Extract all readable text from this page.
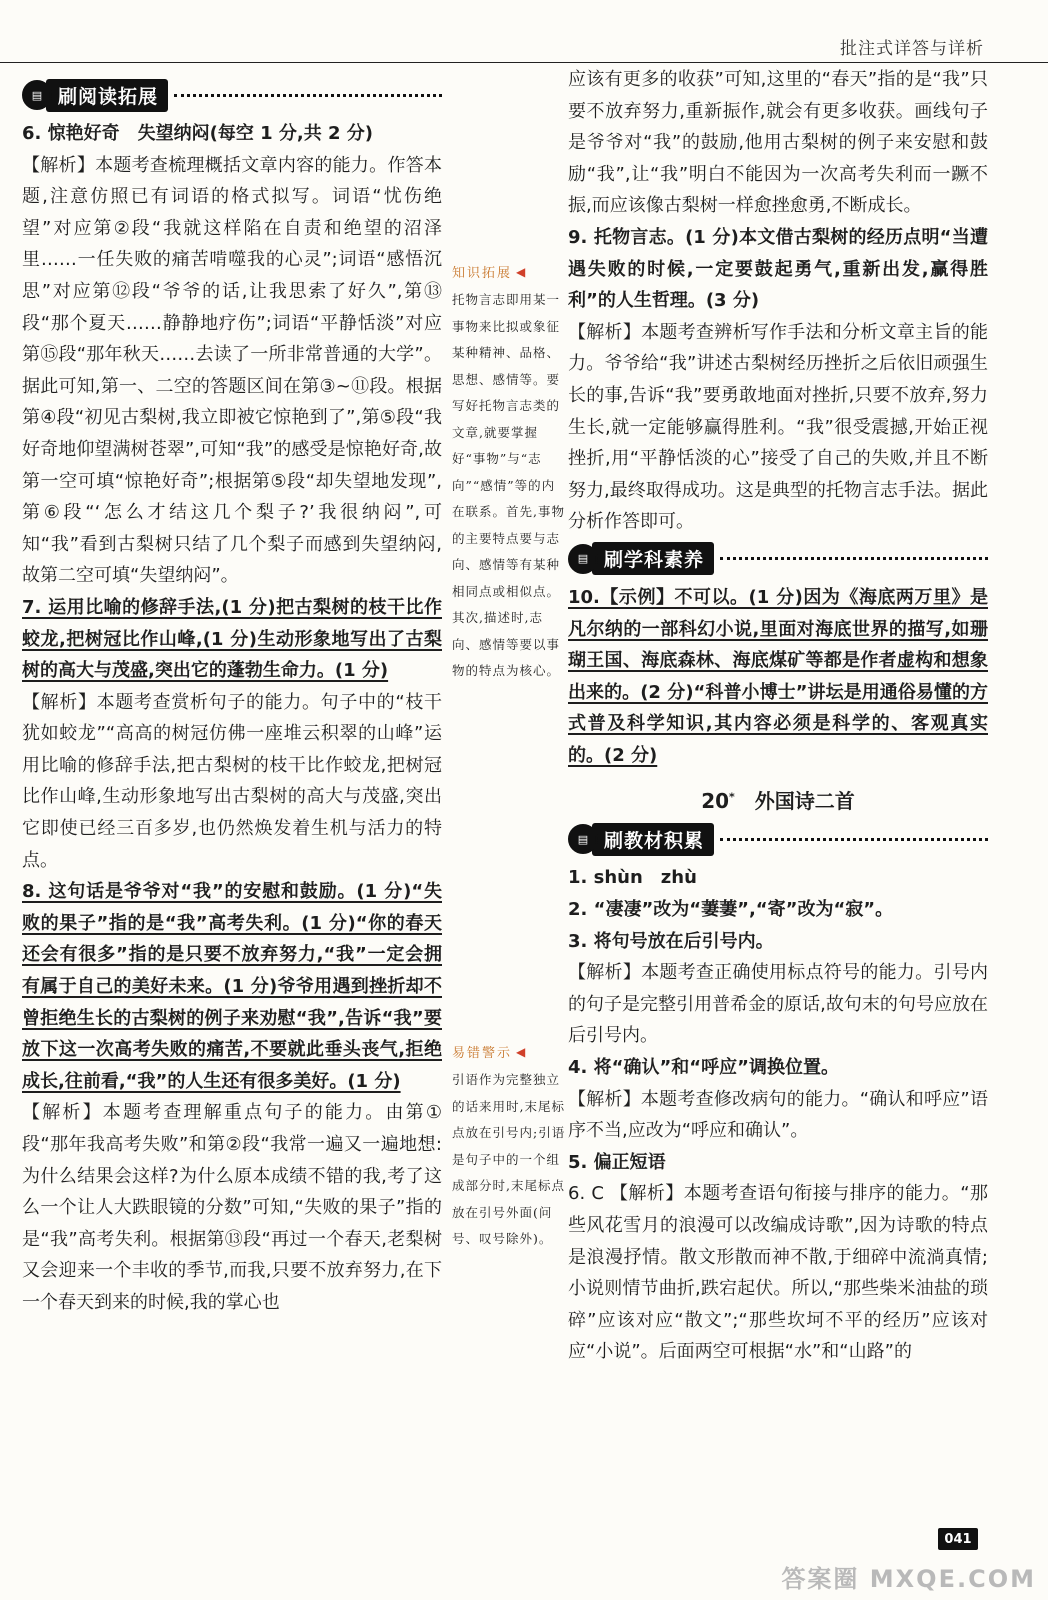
批注式详答与详析
▤ 刷阅读拓展

6. 惊艳好奇　失望纳闷(每空 1 分,共 2 分)

【解析】本题考查梳理概括文章内容的能力。作答本题,注意仿照已有词语的格式拟写。词语“忧伤绝望”对应第②段“我就这样陷在自责和绝望的沼泽里……一任失败的痛苦啃噬我的心灵”;词语“感悟沉思”对应第⑫段“爷爷的话,让我思索了好久”,第⑬段“那个夏天……静静地疗伤”;词语“平静恬淡”对应第⑮段“那年秋天……去读了一所非常普通的大学”。据此可知,第一、二空的答题区间在第③~⑪段。根据第④段“初见古梨树,我立即被它惊艳到了”,第⑤段“我好奇地仰望满树苍翠”,可知“我”的感受是惊艳好奇,故第一空可填“惊艳好奇”;根据第⑤段“却失望地发现”,第⑥段“‘怎么才结这几个梨子?’我很纳闷”,可知“我”看到古梨树只结了几个梨子而感到失望纳闷,故第二空可填“失望纳闷”。

7. 运用比喻的修辞手法,(1 分)把古梨树的枝干比作蛟龙,把树冠比作山峰,(1 分)生动形象地写出了古梨树的高大与茂盛,突出它的蓬勃生命力。(1 分)

【解析】本题考查赏析句子的能力。句子中的“枝干犹如蛟龙”“高高的树冠仿佛一座堆云积翠的山峰”运用比喻的修辞手法,把古梨树的枝干比作蛟龙,把树冠比作山峰,生动形象地写出古梨树的高大与茂盛,突出它即使已经三百多岁,也仍然焕发着生机与活力的特点。

8. 这句话是爷爷对“我”的安慰和鼓励。(1 分)“失败的果子”指的是“我”高考失利。(1 分)“你的春天还会有很多”指的是只要不放弃努力,“我”一定会拥有属于自己的美好未来。(1 分)爷爷用遇到挫折却不曾拒绝生长的古梨树的例子来劝慰“我”,告诉“我”要放下这一次高考失败的痛苦,不要就此垂头丧气,拒绝成长,往前看,“我”的人生还有很多美好。(1 分)

【解析】本题考查理解重点句子的能力。由第①段“那年我高考失败”和第②段“我常一遍又一遍地想:为什么结果会这样?为什么原本成绩不错的我,考了这么一个让人大跌眼镜的分数”可知,“失败的果子”指的是“我”高考失利。根据第⑬段“再过一个春天,老梨树又会迎来一个丰收的季节,而我,只要不放弃努力,在下一个春天到来的时候,我的掌心也

知识拓展 ◀

托物言志即用某一事物来比拟或象征某种精神、品格、思想、感情等。要写好托物言志类的文章,就要掌握好“事物”与“志向”“感情”等的内在联系。首先,事物的主要特点要与志向、感情等有某种相同点或相似点。其次,描述时,志向、感情等要以事物的特点为核心。

易错警示 ◀

引语作为完整独立的话来用时,末尾标点放在引号内;引语是句子中的一个组成部分时,末尾标点放在引号外面(问号、叹号除外)。

应该有更多的收获”可知,这里的“春天”指的是“我”只要不放弃努力,重新振作,就会有更多收获。画线句子是爷爷对“我”的鼓励,他用古梨树的例子来安慰和鼓励“我”,让“我”明白不能因为一次高考失利而一蹶不振,而应该像古梨树一样愈挫愈勇,不断成长。

9. 托物言志。(1 分)本文借古梨树的经历点明“当遭遇失败的时候,一定要鼓起勇气,重新出发,赢得胜利”的人生哲理。(3 分)

【解析】本题考查辨析写作手法和分析文章主旨的能力。爷爷给“我”讲述古梨树经历挫折之后依旧顽强生长的事,告诉“我”要勇敢地面对挫折,只要不放弃,努力生长,就一定能够赢得胜利。“我”很受震撼,开始正视挫折,用“平静恬淡的心”接受了自己的失败,并且不断努力,最终取得成功。这是典型的托物言志手法。据此分析作答即可。

▤ 刷学科素养

10.【示例】不可以。(1 分)因为《海底两万里》是凡尔纳的一部科幻小说,里面对海底世界的描写,如珊瑚王国、海底森林、海底煤矿等都是作者虚构和想象出来的。(2 分)“科普小博士”讲坛是用通俗易懂的方式普及科学知识,其内容必须是科学的、客观真实的。(2 分)

20*　 外国诗二首
▤ 刷教材积累

1. shùn　zhù

2. “凄凄”改为“萋萋”,“寄”改为“寂”。

3. 将句号放在后引号内。

【解析】本题考查正确使用标点符号的能力。引号内的句子是完整引用普希金的原话,故句末的句号应放在后引号内。

4. 将“确认”和“呼应”调换位置。

【解析】本题考查修改病句的能力。“确认和呼应”语序不当,应改为“呼应和确认”。

5. 偏正短语

6. C 【解析】本题考查语句衔接与排序的能力。“那些风花雪月的浪漫可以改编成诗歌”,因为诗歌的特点是浪漫抒情。散文形散而神不散,于细碎中流淌真情;小说则情节曲折,跌宕起伏。所以,“那些柴米油盐的琐碎”应该对应“散文”;“那些坎坷不平的经历”应该对应“小说”。后面两空可根据“水”和“山路”的

041
答案圈 MXQE.COM
